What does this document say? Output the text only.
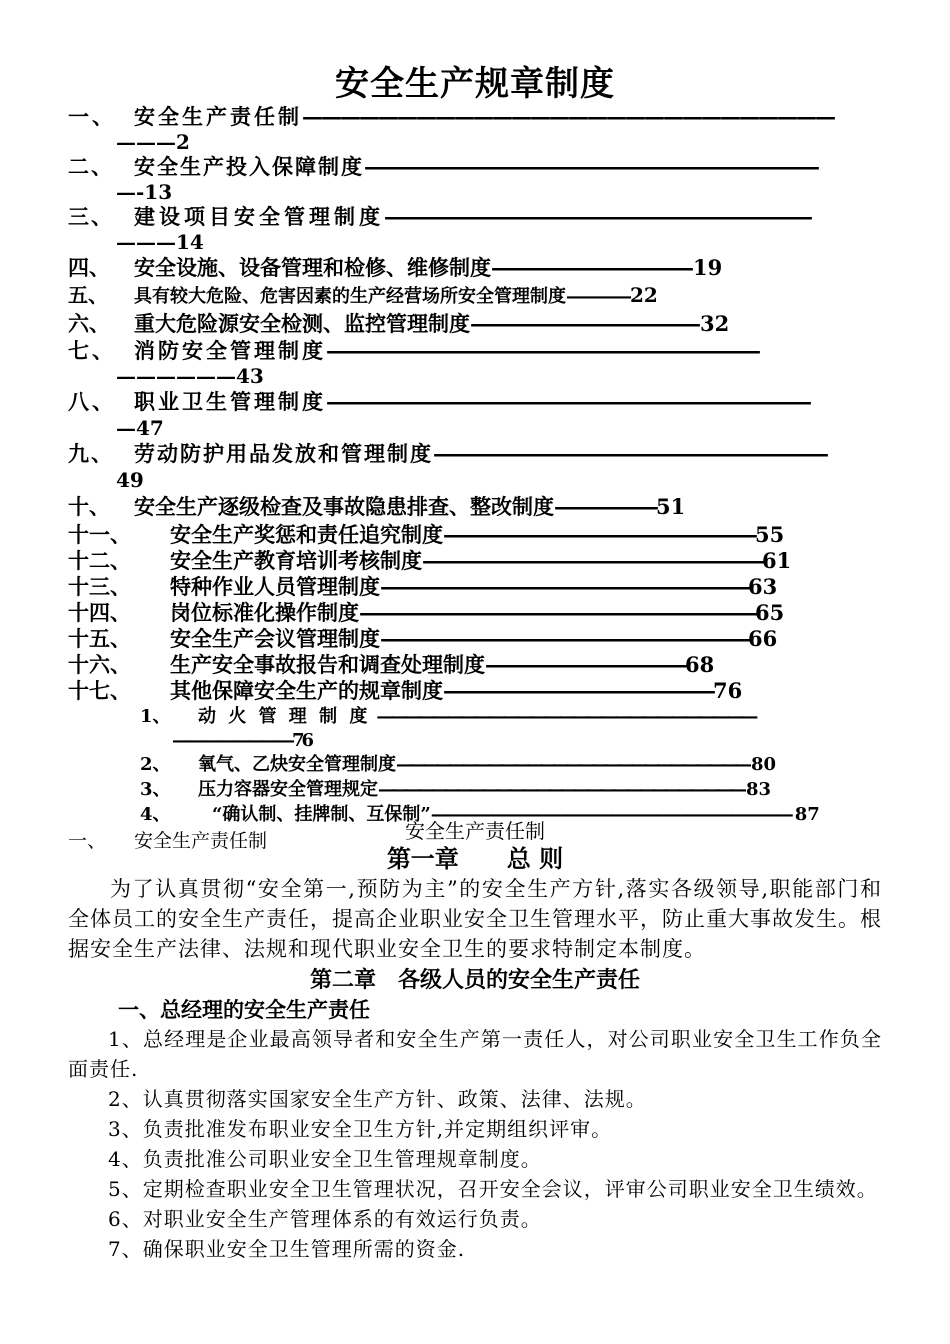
安全生产规章制度
一、 安全生产责任制————————————————————————————
———2
二、 安全生产投入保障制度——————————————————————————————
—-13
三、 建设项目安全管理制度—————————————————————————
———14
四、 安全设施、设备管理和检修、维修制度—————————————— 19
五、 具有较大危险、危害因素的生产经营场所安全管理制度————22
六、 重大危险源安全检测、监控管理制度———————————————— 32
七、 消防安全管理制度————————————————————————
——————43
八、 职业卫生管理制度————————————————————————————————
—47
九、 劳动防护用品发放和管理制度——————————————————————————
49
十、 安全生产逐级检查及事故隐患排查、整改制度——————— 51
十一、 安全生产奖惩和责任追究制度—————————————————————— 55
十二、 安全生产教育培训考核制度———————————————————————— 61
十三、 特种作业人员管理制度—————————————————————————— 63
十四、 岗位标准化操作制度———————————————————————————— 65
十五、 安全生产会议管理制度—————————————————————————— 66
十六、 生产安全事故报告和调查处理制度—————————————— 68
十七、 其他保障安全生产的规章制度——————————————————— 76
1、 动 火 管 理 制 度 ———————————————————————————
————————76
2、 氧气、乙炔安全管理制度——————————————————————————— 80
3、 压力容器安全管理规定———————————————————————————— 83
4、 “确认制、挂牌制、互保制”———————————————————————— 87
一、 安全生产责任制	安全生产责任制
第一章　　总 则
为了认真贯彻“安全第一,预防为主”的安全生产方针,落实各级领导,职能部门和全体员工的安全生产责任，提高企业职业安全卫生管理水平，防止重大事故发生。根据安全生产法律、法规和现代职业安全卫生的要求特制定本制度。
第二章　各级人员的安全生产责任
一、总经理的安全生产责任
1、总经理是企业最高领导者和安全生产第一责任人，对公司职业安全卫生工作负全面责任.
2、认真贯彻落实国家安全生产方针、政策、法律、法规。
3、负责批准发布职业安全卫生方针,并定期组织评审。
4、负责批准公司职业安全卫生管理规章制度。
5、定期检查职业安全卫生管理状况，召开安全会议，评审公司职业安全卫生绩效。
6、对职业安全生产管理体系的有效运行负责。
7、确保职业安全卫生管理所需的资金.
